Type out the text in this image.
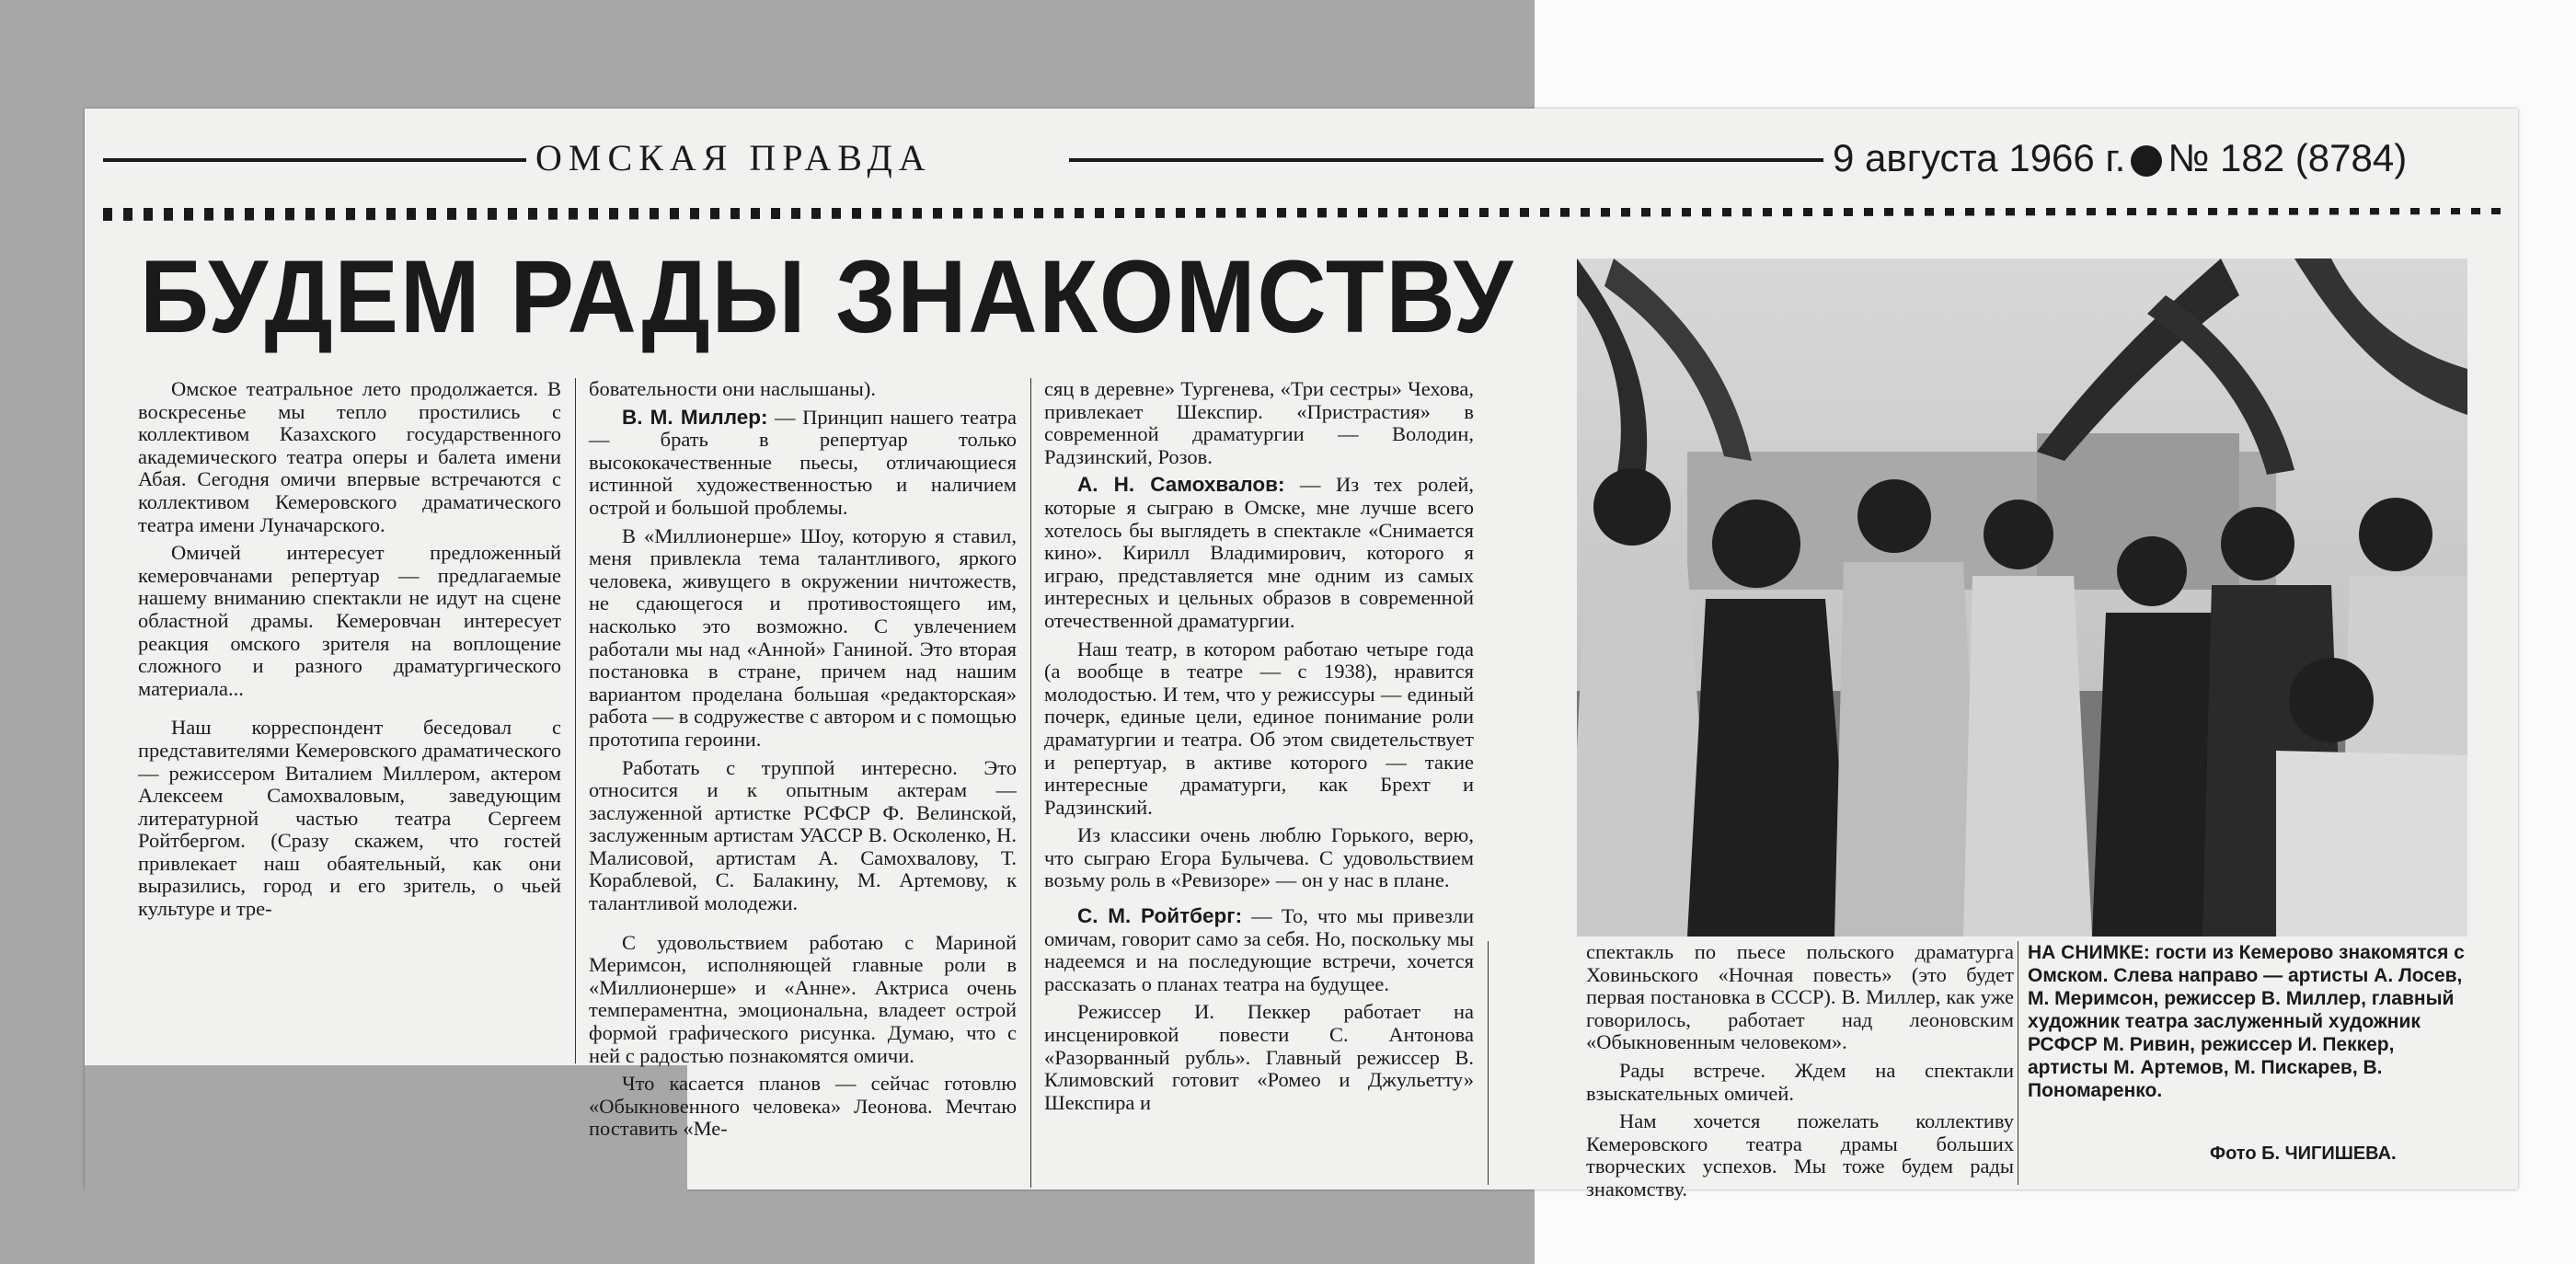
ОМСКАЯ ПРАВДА	9 августа 1966 г. № 182 (8784)
БУДЕМ РАДЫ ЗНАКОМСТВУ

Омское театральное лето продолжается. В воскресенье мы тепло простились с коллективом Казахского государственного академического театра оперы и балета имени Абая. Сегодня омичи впервые встречаются с коллективом Кемеровского драматического театра имени Луначарского.

Омичей интересует предложенный кемеровчанами репертуар — предлагаемые нашему вниманию спектакли не идут на сцене областной драмы. Кемеровчан интересует реакция омского зрителя на воплощение сложного и разного драматургического материала...

Наш корреспондент беседовал с представителями Кемеровского драматического — режиссером Виталием Миллером, актером Алексеем Самохваловым, заведующим литературной частью театра Сергеем Ройтбергом. (Сразу скажем, что гостей привлекает наш обаятельный, как они выразились, город и его зритель, о чьей культуре и тре-

бовательности они наслышаны).

В. М. Миллер: — Принцип нашего театра — брать в репертуар только высококачественные пьесы, отличающиеся истинной художественностью и наличием острой и большой проблемы.

В «Миллионерше» Шоу, которую я ставил, меня привлекла тема талантливого, яркого человека, живущего в окружении ничтожеств, не сдающегося и противостоящего им, насколько это возможно. С увлечением работали мы над «Анной» Ганиной. Это вторая постановка в стране, причем над нашим вариантом проделана большая «редакторская» работа — в содружестве с автором и с помощью прототипа героини.

Работать с труппой интересно. Это относится и к опытным актерам — заслуженной артистке РСФСР Ф. Велинской, заслуженным артистам УАССР В. Осколенко, Н. Малисовой, артистам А. Самохвалову, Т. Кораблевой, С. Балакину, М. Артемову, к талантливой молодежи.

С удовольствием работаю с Мариной Меримсон, исполняющей главные роли в «Миллионерше» и «Анне». Актриса очень темпераментна, эмоциональна, владеет острой формой графического рисунка. Думаю, что с ней с радостью познакомятся омичи.

Что касается планов — сейчас готовлю «Обыкновенного человека» Леонова. Мечтаю поставить «Ме-

сяц в деревне» Тургенева, «Три сестры» Чехова, привлекает Шекспир. «Пристрастия» в современной драматургии — Володин, Радзинский, Розов.

А. Н. Самохвалов: — Из тех ролей, которые я сыграю в Омске, мне лучше всего хотелось бы выглядеть в спектакле «Снимается кино». Кирилл Владимирович, которого я играю, представляется мне одним из самых интересных и цельных образов в современной отечественной драматургии.

Наш театр, в котором работаю четыре года (а вообще в театре — с 1938), нравится молодостью. И тем, что у режиссуры — единый почерк, единые цели, единое понимание роли драматургии и театра. Об этом свидетельствует и репертуар, в активе которого — такие интересные драматурги, как Брехт и Радзинский.

Из классики очень люблю Горького, верю, что сыграю Егора Булычева. С удовольствием возьму роль в «Ревизоре» — он у нас в плане.

С. М. Ройтберг: — То, что мы привезли омичам, говорит само за себя. Но, поскольку мы надеемся и на последующие встречи, хочется рассказать о планах театра на будущее.

Режиссер И. Пеккер работает на инсценировкой повести С. Антонова «Разорванный рубль». Главный режиссер В. Климовский готовит «Ромео и Джульетту» Шекспира и

спектакль по пьесе польского драматурга Ховиньского «Ночная повесть» (это будет первая постановка в СССР). В. Миллер, как уже говорилось, работает над леоновским «Обыкновенным человеком».

Рады встрече. Ждем на спектакли взыскательных омичей.

Нам хочется пожелать коллективу Кемеровского театра драмы больших творческих успехов. Мы тоже будем рады знакомству.

НА СНИМКЕ: гости из Кемерово знакомятся с Омском. Слева направо — артисты А. Лосев, М. Меримсон, режиссер В. Миллер, главный художник театра заслуженный художник РСФСР М. Ривин, режиссер И. Пеккер, артисты М. Артемов, М. Пискарев, В. Пономаренко.
Фото Б. ЧИГИШЕВА.
